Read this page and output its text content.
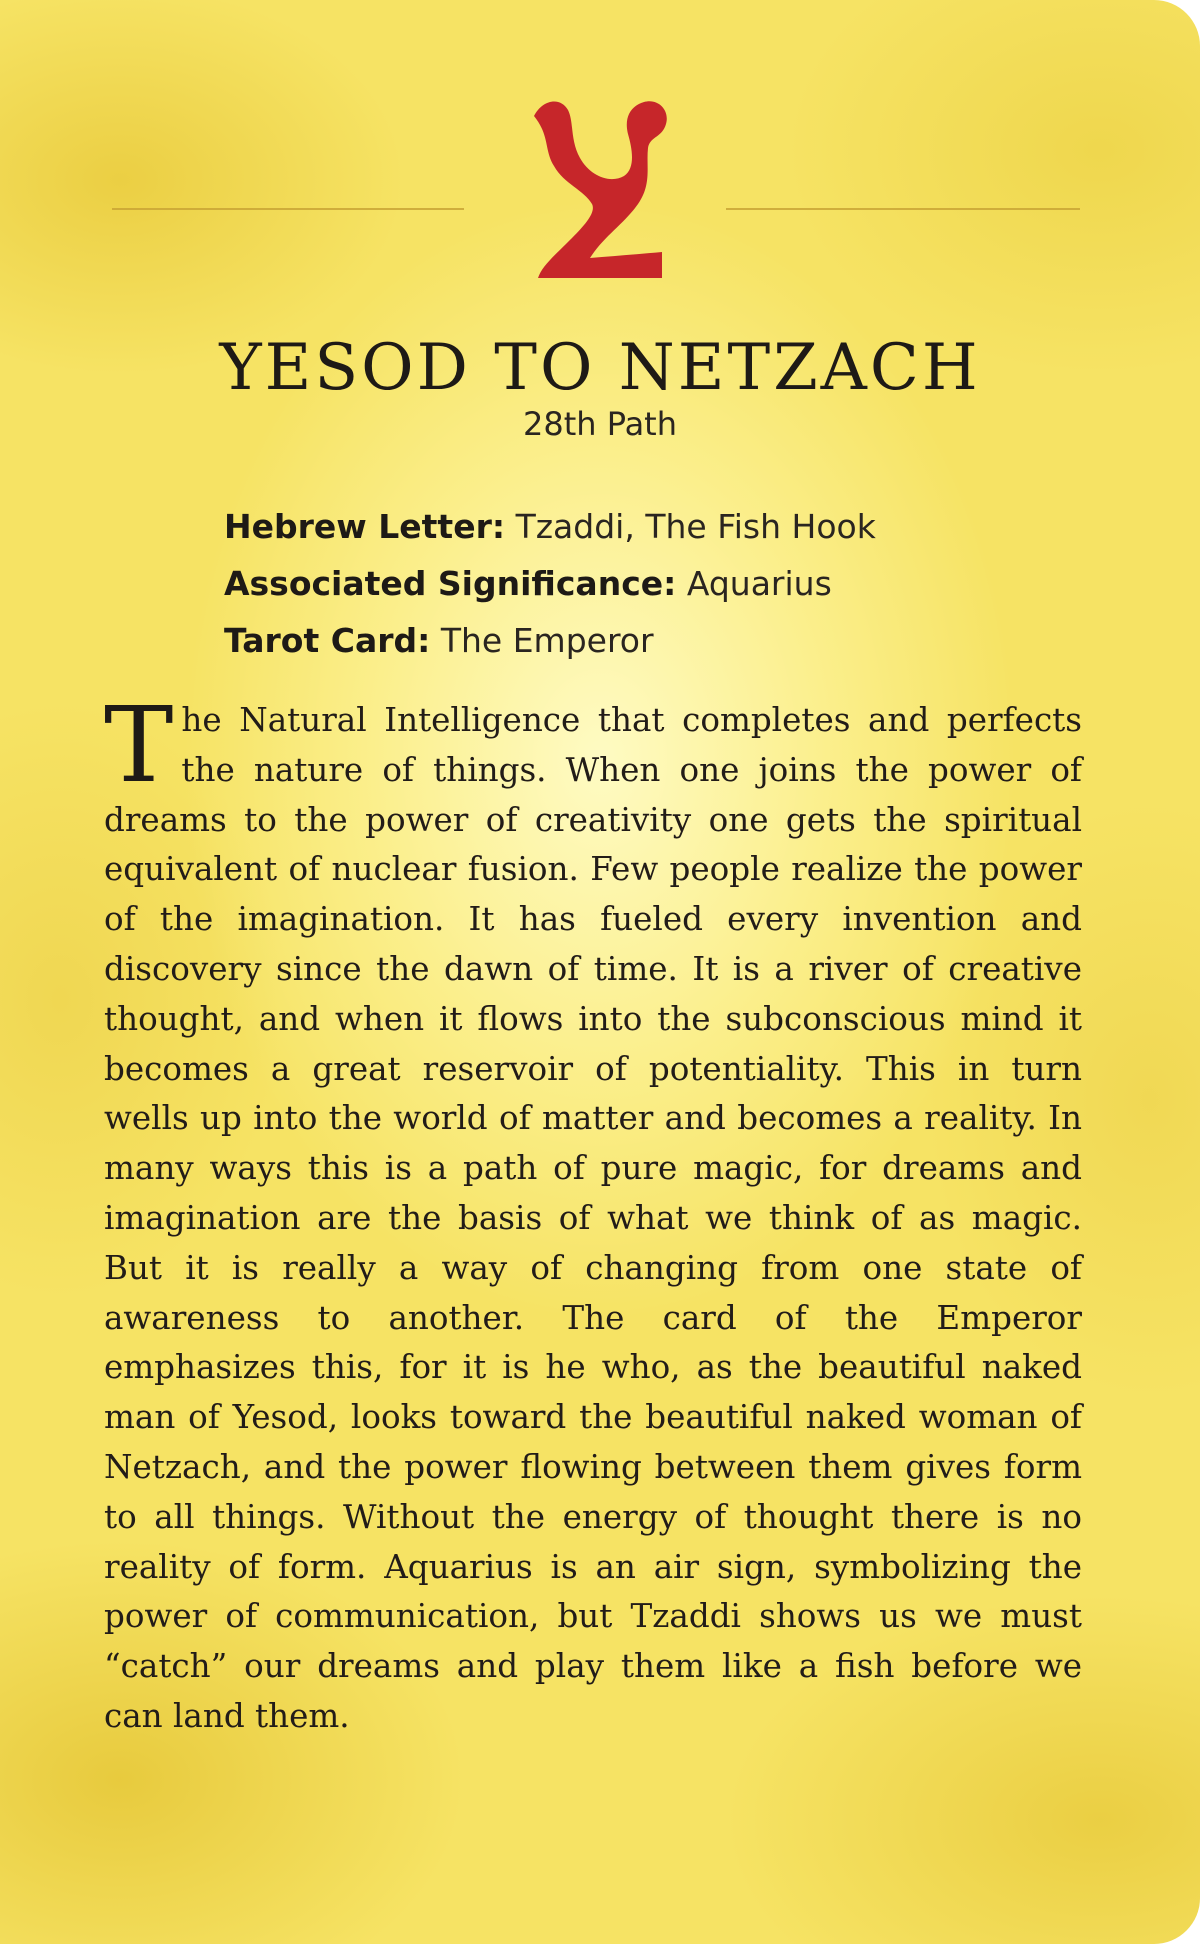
YESOD TO NETZACH
28th Path
Hebrew Letter: Tzaddi, The Fish Hook
Associated Significance: Aquarius
Tarot Card: The Emperor

The Natural Intelligence that completes and perfects the nature of things. When one joins the power of dreams to the power of creativity one gets the spiritual equivalent of nuclear fusion. Few people realize the power of the imagination. It has fueled every invention and discovery since the dawn of time. It is a river of creative thought, and when it flows into the subconscious mind it becomes a great reservoir of potentiality. This in turn wells up into the world of matter and becomes a reality. In many ways this is a path of pure magic, for dreams and imagination are the basis of what we think of as magic. But it is really a way of changing from one state of awareness to another. The card of the Emperor emphasizes this, for it is he who, as the beautiful naked man of Yesod, looks toward the beautiful naked woman of Netzach, and the power flowing between them gives form to all things. Without the energy of thought there is no reality of form. Aquarius is an air sign, symbolizing the power of communication, but Tzaddi shows us we must “catch” our dreams and play them like a fish before we can land them.
